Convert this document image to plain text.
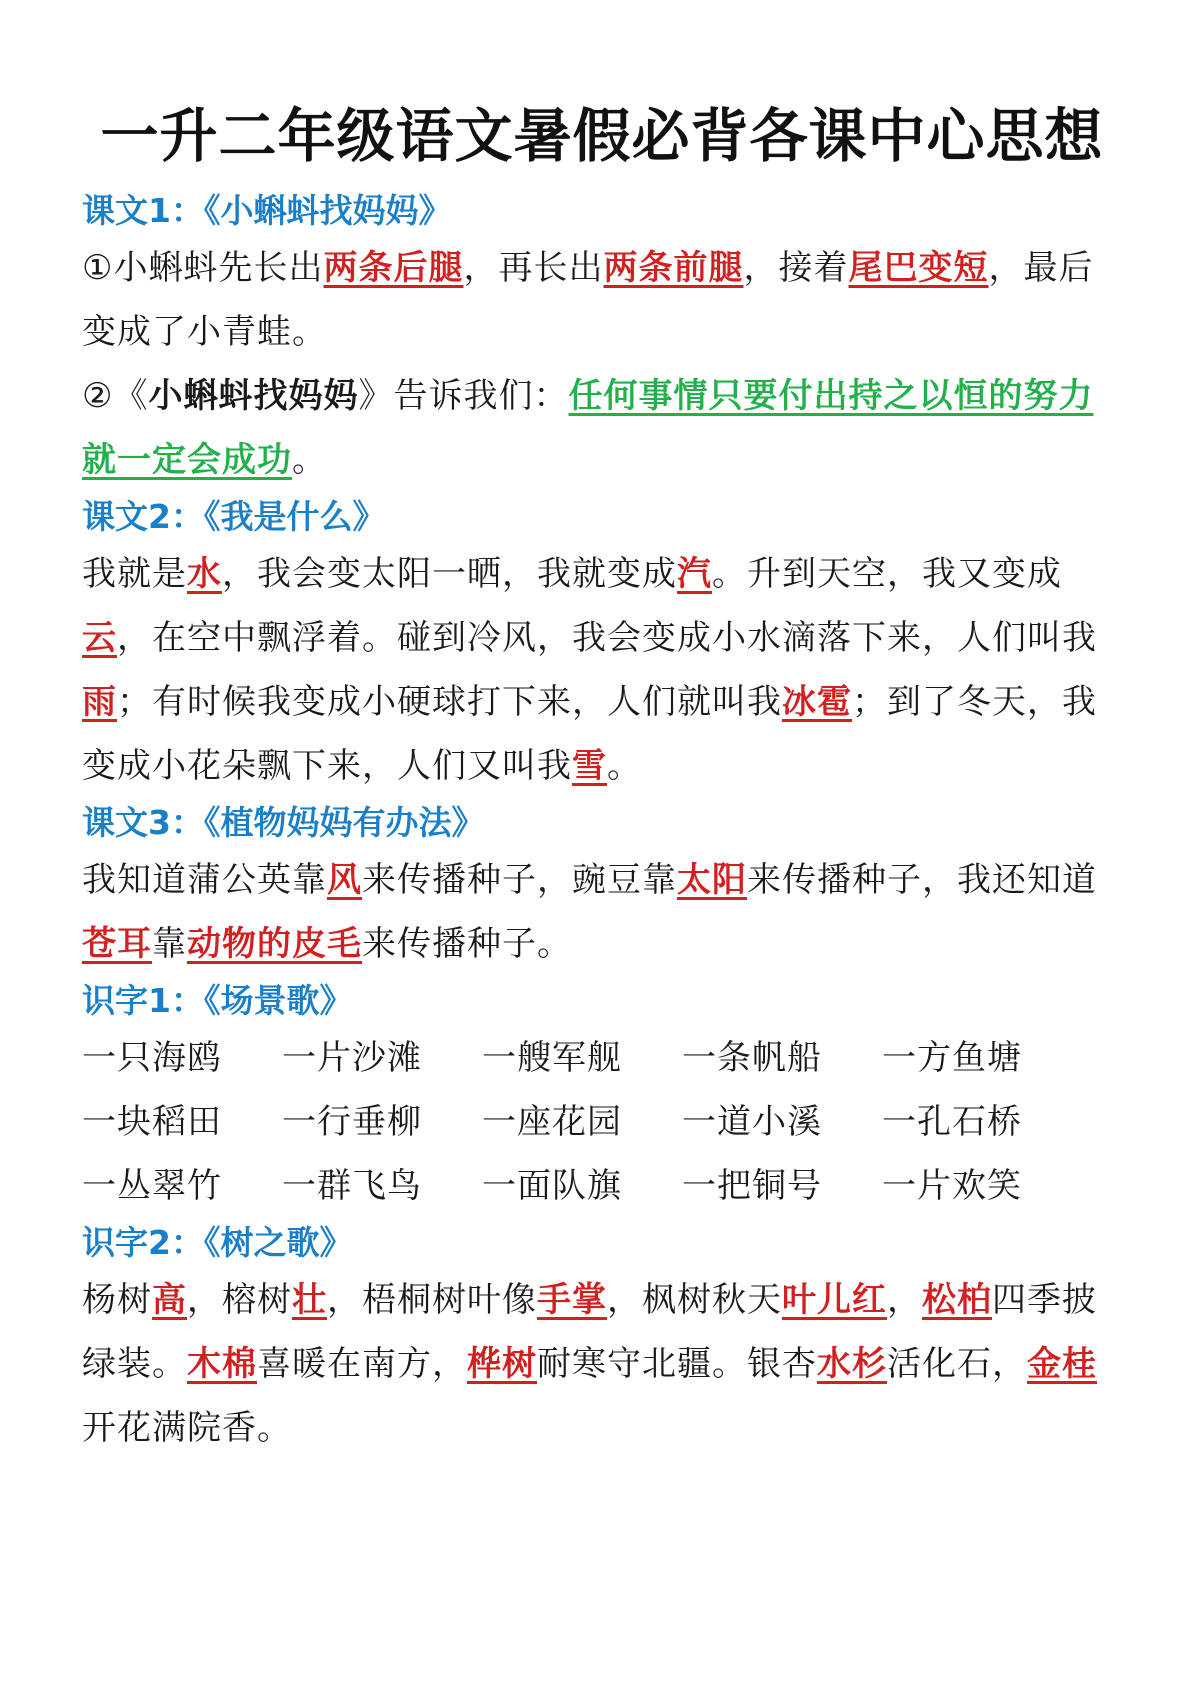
一升二年级语文暑假必背各课中心思想
课文1：《小蝌蚪找妈妈》

①小蝌蚪先长出两条后腿，再长出两条前腿，接着尾巴变短，最后变成了小青蛙。

②《小蝌蚪找妈妈》告诉我们：任何事情只要付出持之以恒的努力就一定会成功。

课文2：《我是什么》

我就是水，我会变太阳一晒，我就变成汽。升到天空，我又变成云，在空中飘浮着。碰到冷风，我会变成小水滴落下来，人们叫我雨；有时候我变成小硬球打下来，人们就叫我冰雹；到了冬天，我变成小花朵飘下来，人们又叫我雪。

课文3：《植物妈妈有办法》

我知道蒲公英靠风来传播种子，豌豆靠太阳来传播种子，我还知道苍耳靠动物的皮毛来传播种子。

识字1：《场景歌》
一只海鸥	一片沙滩	一艘军舰	一条帆船	一方鱼塘
一块稻田	一行垂柳	一座花园	一道小溪	一孔石桥
一丛翠竹	一群飞鸟	一面队旗	一把铜号	一片欢笑
识字2：《树之歌》

杨树高，榕树壮，梧桐树叶像手掌，枫树秋天叶儿红，松柏四季披绿装。木棉喜暖在南方，桦树耐寒守北疆。银杏水杉活化石，金桂开花满院香。
